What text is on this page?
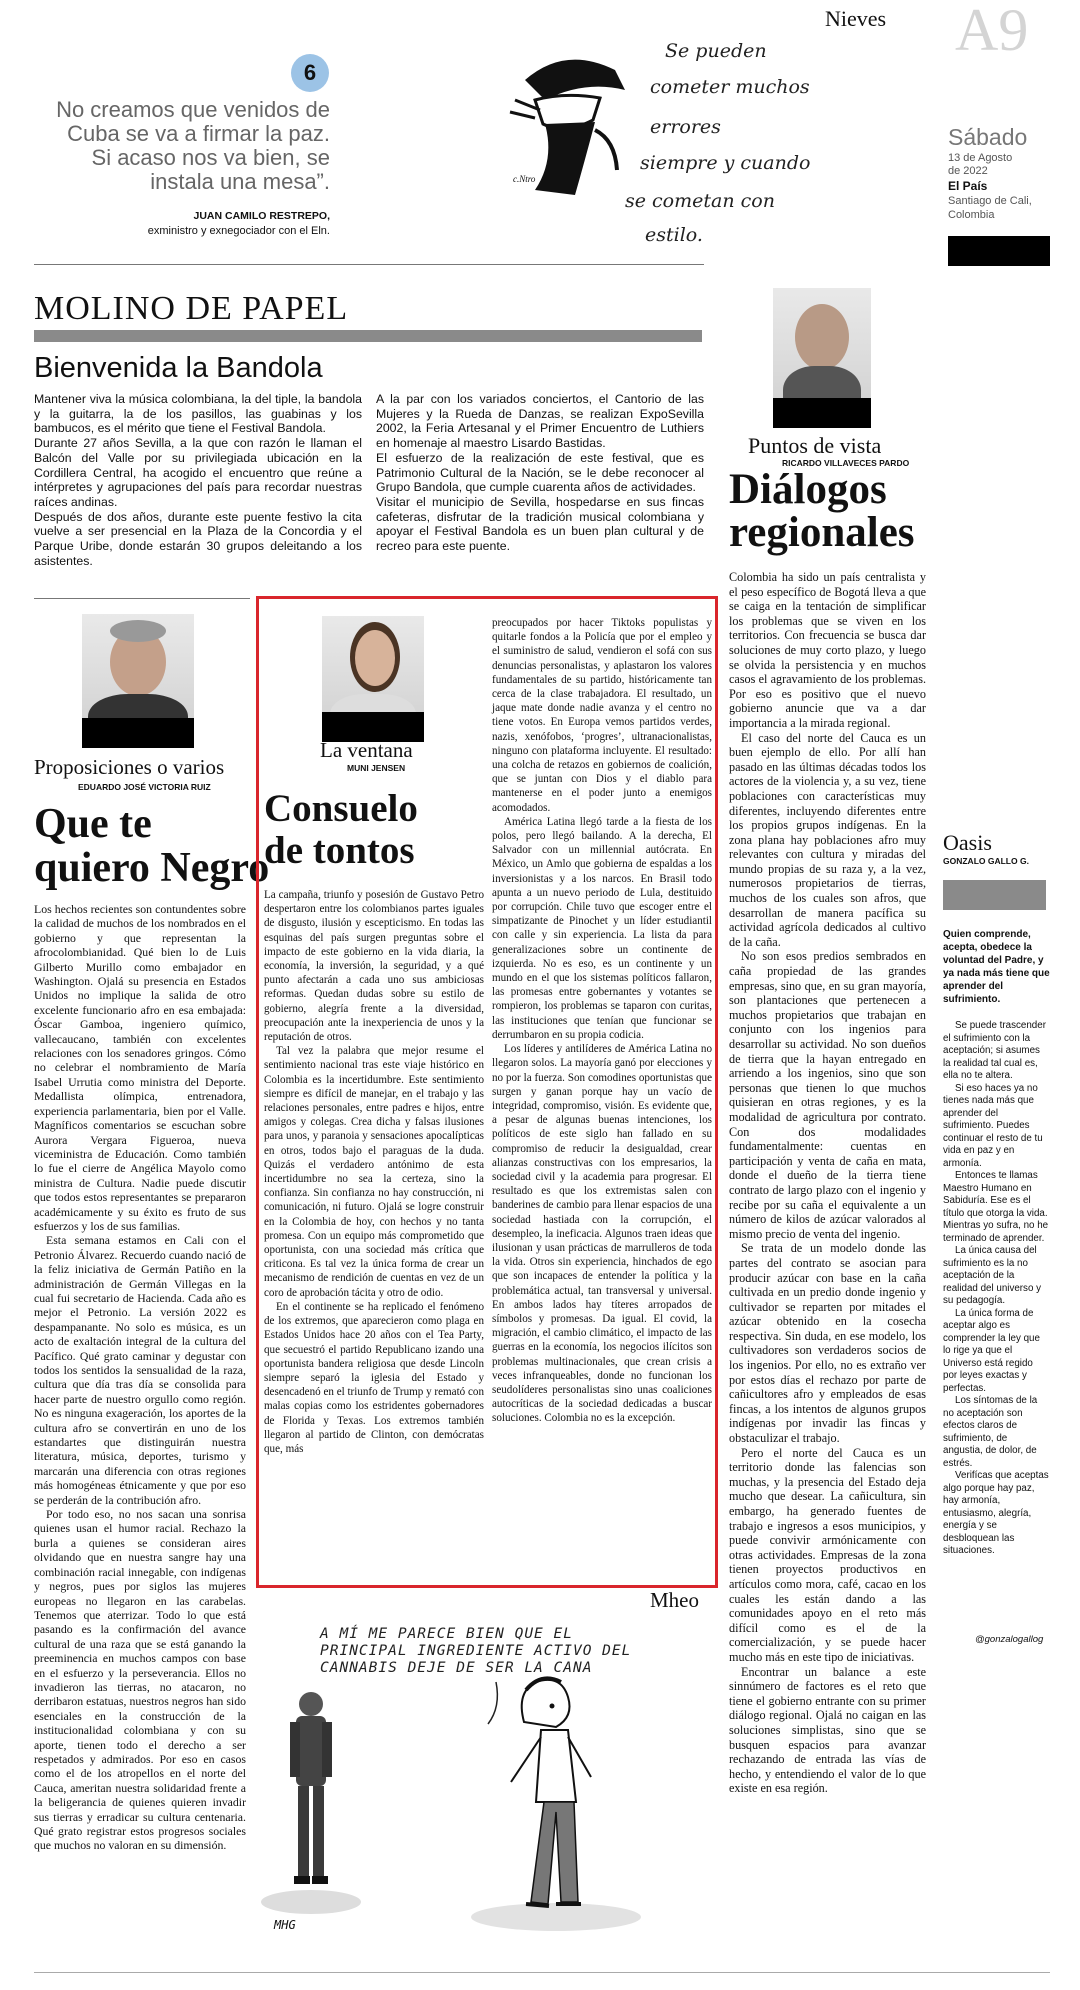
6
No creamos que venidos de Cuba se va a firmar la paz. Si acaso nos va bien, se instala una mesa”.
JUAN CAMILO RESTREPO,
exministro y exnegociador con el Eln.
c.Ntro
Se pueden
cometer muchos
errores
siempre y cuando
se cometan con
estilo.
Nieves A9
Sábado
13 de Agosto
de 2022
El País
Santiago de Cali,
Colombia
MOLINO DE PAPEL
Bienvenida la Bandola

Mantener viva la música colombiana, la del tiple, la bandola y la guitarra, la de los pasillos, las guabinas y los bambucos, es el mérito que tiene el Festival Bandola.

Durante 27 años Sevilla, a la que con razón le llaman el Balcón del Valle por su privilegiada ubicación en la Cordillera Central, ha acogido el encuentro que reúne a intérpretes y agrupaciones del país para recordar nuestras raíces andinas.

Después de dos años, durante este puente festivo la cita vuelve a ser presencial en la Plaza de la Concordia y el Parque Uribe, donde estarán 30 grupos deleitando a los asistentes.

A la par con los variados conciertos, el Cantorio de las Mujeres y la Rueda de Danzas, se realizan ExpoSevilla 2002, la Feria Artesanal y el Primer Encuentro de Luthiers en homenaje al maestro Lisardo Bastidas.

El esfuerzo de la realización de este festival, que es Patrimonio Cultural de la Nación, se le debe reconocer al Grupo Bandola, que cumple cuarenta años de actividades.

Visitar el municipio de Sevilla, hospedarse en sus fincas cafeteras, disfrutar de la tradición musical colombiana y apoyar el Festival Bandola es un buen plan cultural y de recreo para este puente.

Puntos de vista
RICARDO VILLAVECES PARDO
Diálogos
regionales

Colombia ha sido un país centralista y el peso específico de Bogotá lleva a que se caiga en la tentación de simplificar los problemas que se viven en los territorios. Con frecuencia se busca dar soluciones de muy corto plazo, y luego se olvida la persistencia y en muchos casos el agravamiento de los problemas. Por eso es positivo que el nuevo gobierno anuncie que va a dar importancia a la mirada regional.

El caso del norte del Cauca es un buen ejemplo de ello. Por allí han pasado en las últimas décadas todos los actores de la violencia y, a su vez, tiene poblaciones con características muy diferentes, incluyendo diferentes entre los propios grupos indígenas. En la zona plana hay poblaciones afro muy relevantes con cultura y miradas del mundo propias de su raza y, a la vez, numerosos propietarios de tierras, muchos de los cuales son afros, que desarrollan de manera pacífica su actividad agrícola dedicados al cultivo de la caña.

No son esos predios sembrados en caña propiedad de las grandes empresas, sino que, en su gran mayoría, son plantaciones que pertenecen a muchos propietarios que trabajan en conjunto con los ingenios para desarrollar su actividad. No son dueños de tierra que la hayan entregado en arriendo a los ingenios, sino que son personas que tienen lo que muchos quisieran en otras regiones, y es la modalidad de agricultura por contrato. Con dos modalidades fundamentalmente: cuentas en participación y venta de caña en mata, donde el dueño de la tierra tiene contrato de largo plazo con el ingenio y recibe por su caña el equivalente a un número de kilos de azúcar valorados al mismo precio de venta del ingenio.

Se trata de un modelo donde las partes del contrato se asocian para producir azúcar con base en la caña cultivada en un predio donde ingenio y cultivador se reparten por mitades el azúcar obtenido en la cosecha respectiva. Sin duda, en ese modelo, los cultivadores son verdaderos socios de los ingenios. Por ello, no es extraño ver por estos días el rechazo por parte de cañicultores afro y empleados de esas fincas, a los intentos de algunos grupos indígenas por invadir las fincas y obstaculizar el trabajo.

Pero el norte del Cauca es un territorio donde las falencias son muchas, y la presencia del Estado deja mucho que desear. La cañicultura, sin embargo, ha generado fuentes de trabajo e ingresos a esos municipios, y puede convivir armónicamente con otras actividades. Empresas de la zona tienen proyectos productivos en artículos como mora, café, cacao en los cuales les están dando a las comunidades apoyo en el reto más difícil como es el de la comercialización, y se puede hacer mucho más en este tipo de iniciativas.

Encontrar un balance a este sinnúmero de factores es el reto que tiene el gobierno entrante con su primer diálogo regional. Ojalá no caigan en las soluciones simplistas, sino que se busquen espacios para avanzar rechazando de entrada las vías de hecho, y entendiendo el valor de lo que existe en esa región.

Proposiciones o varios
EDUARDO JOSÉ VICTORIA RUIZ
Que te
quiero Negro

Los hechos recientes son contundentes sobre la calidad de muchos de los nombrados en el gobierno y que representan la afrocolombianidad. Qué bien lo de Luis Gilberto Murillo como embajador en Washington. Ojalá su presencia en Estados Unidos no implique la salida de otro excelente funcionario afro en esa embajada: Óscar Gamboa, ingeniero químico, vallecaucano, también con excelentes relaciones con los senadores gringos. Cómo no celebrar el nombramiento de María Isabel Urrutia como ministra del Deporte. Medallista olímpica, entrenadora, experiencia parlamentaria, bien por el Valle. Magníficos comentarios se escuchan sobre Aurora Vergara Figueroa, nueva viceministra de Educación. Como también lo fue el cierre de Angélica Mayolo como ministra de Cultura. Nadie puede discutir que todos estos representantes se prepararon académicamente y su éxito es fruto de sus esfuerzos y los de sus familias.

Esta semana estamos en Cali con el Petronio Álvarez. Recuerdo cuando nació de la feliz iniciativa de Germán Patiño en la administración de Germán Villegas en la cual fui secretario de Hacienda. Cada año es mejor el Petronio. La versión 2022 es despampanante. No solo es música, es un acto de exaltación integral de la cultura del Pacífico. Qué grato caminar y degustar con todos los sentidos la sensualidad de la raza, cultura que día tras día se consolida para hacer parte de nuestro orgullo como región. No es ninguna exageración, los aportes de la cultura afro se convertirán en uno de los estandartes que distinguirán nuestra literatura, música, deportes, turismo y marcarán una diferencia con otras regiones más homogéneas étnicamente y que por eso se perderán de la contribución afro.

Por todo eso, no nos sacan una sonrisa quienes usan el humor racial. Rechazo la burla a quienes se consideran aires olvidando que en nuestra sangre hay una combinación racial innegable, con indígenas y negros, pues por siglos las mujeres europeas no llegaron en las carabelas. Tenemos que aterrizar. Todo lo que está pasando es la confirmación del avance cultural de una raza que se está ganando la preeminencia en muchos campos con base en el esfuerzo y la perseverancia. Ellos no invadieron las tierras, no atacaron, no derribaron estatuas, nuestros negros han sido esenciales en la construcción de la institucionalidad colombiana y con su aporte, tienen todo el derecho a ser respetados y admirados. Por eso en casos como el de los atropellos en el norte del Cauca, ameritan nuestra solidaridad frente a la beligerancia de quienes quieren invadir sus tierras y erradicar su cultura centenaria. Qué grato registrar estos progresos sociales que muchos no valoran en su dimensión.

La ventana
MUNI JENSEN
Consuelo
de tontos

La campaña, triunfo y posesión de Gustavo Petro despertaron entre los colombianos partes iguales de disgusto, ilusión y escepticismo. En todas las esquinas del país surgen preguntas sobre el impacto de este gobierno en la vida diaria, la economía, la inversión, la seguridad, y a qué punto afectarán a cada uno sus ambiciosas reformas. Quedan dudas sobre su estilo de gobierno, alegría frente a la diversidad, preocupación ante la inexperiencia de unos y la reputación de otros.

Tal vez la palabra que mejor resume el sentimiento nacional tras este viaje histórico en Colombia es la incertidumbre. Este sentimiento siempre es difícil de manejar, en el trabajo y las relaciones personales, entre padres e hijos, entre amigos y colegas. Crea dicha y falsas ilusiones para unos, y paranoia y sensaciones apocalípticas en otros, todos bajo el paraguas de la duda. Quizás el verdadero antónimo de esta incertidumbre no sea la certeza, sino la confianza. Sin confianza no hay construcción, ni comunicación, ni futuro. Ojalá se logre construir en la Colombia de hoy, con hechos y no tanta promesa. Con un equipo más comprometido que oportunista, con una sociedad más crítica que criticona. Es tal vez la única forma de crear un mecanismo de rendición de cuentas en vez de un coro de aprobación tácita y otro de odio.

En el continente se ha replicado el fenómeno de los extremos, que aparecieron como plaga en Estados Unidos hace 20 años con el Tea Party, que secuestró el partido Republicano izando una oportunista bandera religiosa que desde Lincoln siempre separó la iglesia del Estado y desencadenó en el triunfo de Trump y remató con malas copias como los estridentes gobernadores de Florida y Texas. Los extremos también llegaron al partido de Clinton, con demócratas que, más

preocupados por hacer Tiktoks populistas y quitarle fondos a la Policía que por el empleo y el suministro de salud, vendieron el sofá con sus denuncias personalistas, y aplastaron los valores fundamentales de su partido, históricamente tan cerca de la clase trabajadora. El resultado, un jaque mate donde nadie avanza y el centro no tiene votos. En Europa vemos partidos verdes, nazis, xenófobos, ‘progres’, ultranacionalistas, ninguno con plataforma incluyente. El resultado: una colcha de retazos en gobiernos de coalición, que se juntan con Dios y el diablo para mantenerse en el poder junto a enemigos acomodados.

América Latina llegó tarde a la fiesta de los polos, pero llegó bailando. A la derecha, El Salvador con un millennial autócrata. En México, un Amlo que gobierna de espaldas a los inversionistas y a los narcos. En Brasil todo apunta a un nuevo periodo de Lula, destituido por corrupción. Chile tuvo que escoger entre el simpatizante de Pinochet y un líder estudiantil con calle y sin experiencia. La lista da para generalizaciones sobre un continente de izquierda. No es eso, es un continente y un mundo en el que los sistemas políticos fallaron, las promesas entre gobernantes y votantes se rompieron, los problemas se taparon con curitas, las instituciones que tenían que funcionar se derrumbaron en su propia codicia.

Los líderes y antilíderes de América Latina no llegaron solos. La mayoría ganó por elecciones y no por la fuerza. Son comodines oportunistas que surgen y ganan porque hay un vacío de integridad, compromiso, visión. Es evidente que, a pesar de algunas buenas intenciones, los políticos de este siglo han fallado en su compromiso de reducir la desigualdad, crear alianzas constructivas con los empresarios, la sociedad civil y la academia para progresar. El resultado es que los extremistas salen con banderines de cambio para llenar espacios de una sociedad hastiada con la corrupción, el desempleo, la ineficacia. Algunos traen ideas que ilusionan y usan prácticas de marrulleros de toda la vida. Otros sin experiencia, hinchados de ego que son incapaces de entender la política y la problemática actual, tan transversal y universal. En ambos lados hay títeres arropados de símbolos y promesas. Da igual. El covid, la migración, el cambio climático, el impacto de las guerras en la economía, los negocios ilícitos son problemas multinacionales, que crean crisis a veces infranqueables, donde no funcionan los seudolíderes personalistas sino unas coaliciones autocríticas de la sociedad dedicadas a buscar soluciones. Colombia no es la excepción.

Oasis
GONZALO GALLO G.
Quien comprende, acepta, obedece la voluntad del Padre, y ya nada más tiene que aprender del sufrimiento.

Se puede trascender el sufrimiento con la aceptación; si asumes la realidad tal cual es, ella no te altera.

Si eso haces ya no tienes nada más que aprender del sufrimiento. Puedes continuar el resto de tu vida en paz y en armonía.

Entonces te llamas Maestro Humano en Sabiduría. Ese es el título que otorga la vida. Mientras yo sufra, no he terminado de aprender.

La única causa del sufrimiento es la no aceptación de la realidad del universo y su pedagogía.

La única forma de aceptar algo es comprender la ley que lo rige ya que el Universo está regido por leyes exactas y perfectas.

Los síntomas de la no aceptación son efectos claros de sufrimiento, de angustia, de dolor, de estrés.

Verifícas que aceptas algo porque hay paz, hay armonía, entusiasmo, alegría, energía y se desbloquean las situaciones.

@gonzalogallog
Mheo
A MÍ ME PARECE BIEN QUE EL PRINCIPAL INGREDIENTE ACTIVO DEL CANNABIS DEJE DE SER LA CANA
MHG
